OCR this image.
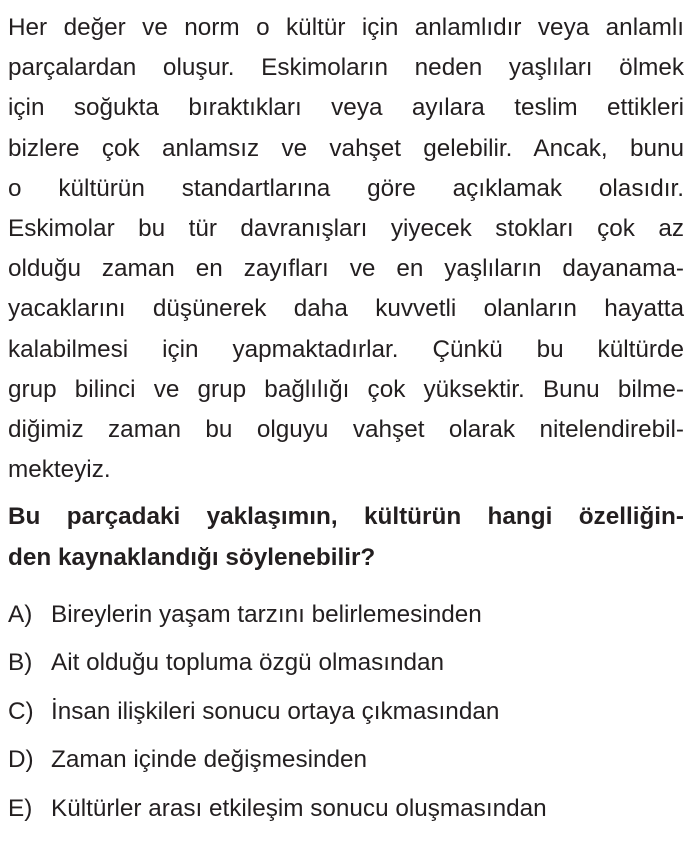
Her değer ve norm o kültür için anlamlıdır veya anlamlı
parçalardan oluşur. Eskimoların neden yaşlıları ölmek
için soğukta bıraktıkları veya ayılara teslim ettikleri
bizlere çok anlamsız ve vahşet gelebilir. Ancak, bunu
o kültürün standartlarına göre açıklamak olasıdır.
Eskimolar bu tür davranışları yiyecek stokları çok az
olduğu zaman en zayıfları ve en yaşlıların dayanama-
yacaklarını düşünerek daha kuvvetli olanların hayatta
kalabilmesi için yapmaktadırlar. Çünkü bu kültürde
grup bilinci ve grup bağlılığı çok yüksektir. Bunu bilme-
diğimiz zaman bu olguyu vahşet olarak nitelendirebil-
mekteyiz.
Bu parçadaki yaklaşımın, kültürün hangi özelliğin-
den kaynaklandığı söylenebilir?
A) Bireylerin yaşam tarzını belirlemesinden
B) Ait olduğu topluma özgü olmasından
C) İnsan ilişkileri sonucu ortaya çıkmasından
D) Zaman içinde değişmesinden
E) Kültürler arası etkileşim sonucu oluşmasından
